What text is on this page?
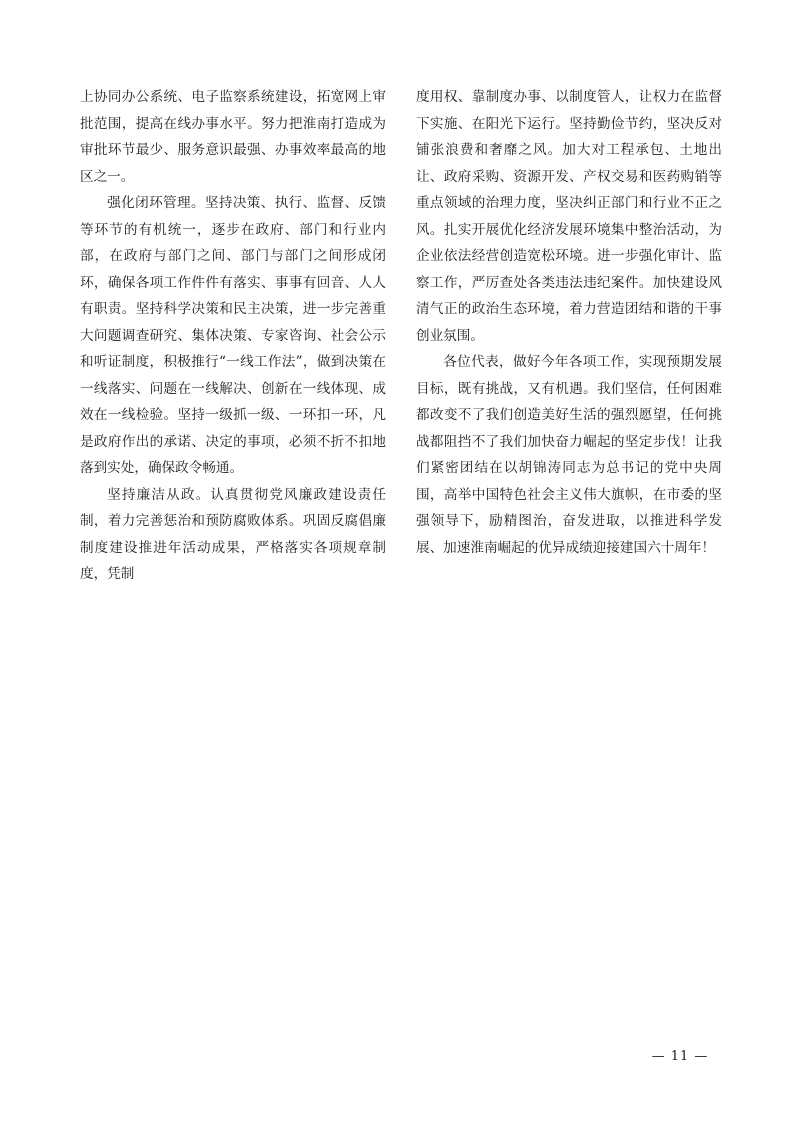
上协同办公系统、电子监察系统建设，拓宽网上审批范围，提高在线办事水平。努力把淮南打造成为审批环节最少、服务意识最强、办事效率最高的地区之一。

强化闭环管理。坚持决策、执行、监督、反馈等环节的有机统一，逐步在政府、部门和行业内部，在政府与部门之间、部门与部门之间形成闭环，确保各项工作件件有落实、事事有回音、人人有职责。坚持科学决策和民主决策，进一步完善重大问题调查研究、集体决策、专家咨询、社会公示和听证制度，积极推行“一线工作法”，做到决策在一线落实、问题在一线解决、创新在一线体现、成效在一线检验。坚持一级抓一级、一环扣一环，凡是政府作出的承诺、决定的事项，必须不折不扣地落到实处，确保政令畅通。

坚持廉洁从政。认真贯彻党风廉政建设责任制，着力完善惩治和预防腐败体系。巩固反腐倡廉制度建设推进年活动成果，严格落实各项规章制度，凭制

度用权、靠制度办事、以制度管人，让权力在监督下实施、在阳光下运行。坚持勤俭节约，坚决反对铺张浪费和奢靡之风。加大对工程承包、土地出让、政府采购、资源开发、产权交易和医药购销等重点领域的治理力度，坚决纠正部门和行业不正之风。扎实开展优化经济发展环境集中整治活动，为企业依法经营创造宽松环境。进一步强化审计、监察工作，严厉查处各类违法违纪案件。加快建设风清气正的政治生态环境，着力营造团结和谐的干事创业氛围。

各位代表，做好今年各项工作，实现预期发展目标，既有挑战，又有机遇。我们坚信，任何困难都改变不了我们创造美好生活的强烈愿望，任何挑战都阻挡不了我们加快奋力崛起的坚定步伐！让我们紧密团结在以胡锦涛同志为总书记的党中央周围，高举中国特色社会主义伟大旗帜，在市委的坚强领导下，励精图治，奋发进取，以推进科学发展、加速淮南崛起的优异成绩迎接建国六十周年！

— 11 —
